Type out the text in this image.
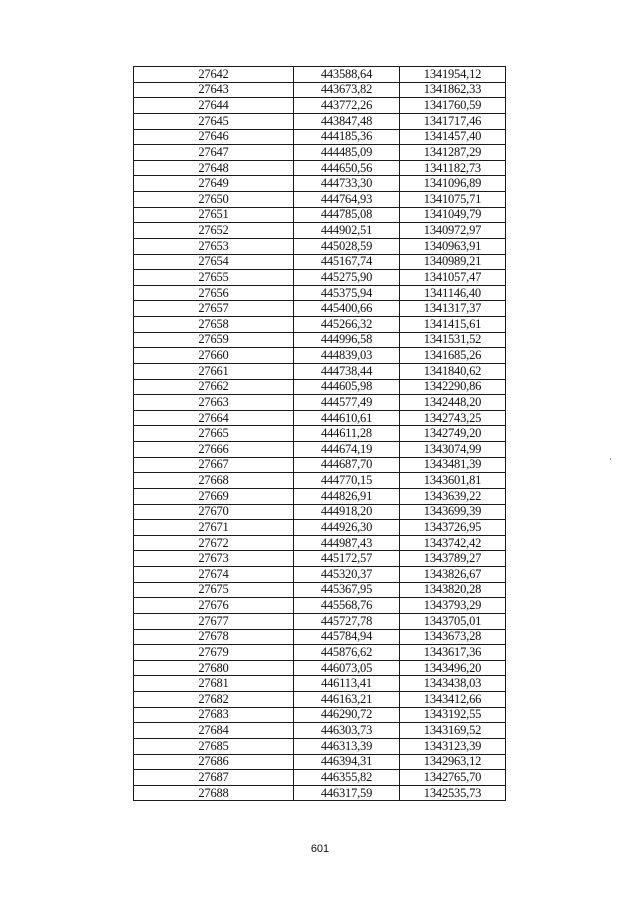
27642	443588,64	1341954,12
27643	443673,82	1341862,33
27644	443772,26	1341760,59
27645	443847,48	1341717,46
27646	444185,36	1341457,40
27647	444485,09	1341287,29
27648	444650,56	1341182,73
27649	444733,30	1341096,89
27650	444764,93	1341075,71
27651	444785,08	1341049,79
27652	444902,51	1340972,97
27653	445028,59	1340963,91
27654	445167,74	1340989,21
27655	445275,90	1341057,47
27656	445375,94	1341146,40
27657	445400,66	1341317,37
27658	445266,32	1341415,61
27659	444996,58	1341531,52
27660	444839,03	1341685,26
27661	444738,44	1341840,62
27662	444605,98	1342290,86
27663	444577,49	1342448,20
27664	444610,61	1342743,25
27665	444611,28	1342749,20
27666	444674,19	1343074,99
27667	444687,70	1343481,39
27668	444770,15	1343601,81
27669	444826,91	1343639,22
27670	444918,20	1343699,39
27671	444926,30	1343726,95
27672	444987,43	1343742,42
27673	445172,57	1343789,27
27674	445320,37	1343826,67
27675	445367,95	1343820,28
27676	445568,76	1343793,29
27677	445727,78	1343705,01
27678	445784,94	1343673,28
27679	445876,62	1343617,36
27680	446073,05	1343496,20
27681	446113,41	1343438,03
27682	446163,21	1343412,66
27683	446290,72	1343192,55
27684	446303,73	1343169,52
27685	446313,39	1343123,39
27686	446394,31	1342963,12
27687	446355,82	1342765,70
27688	446317,59	1342535,73
601
